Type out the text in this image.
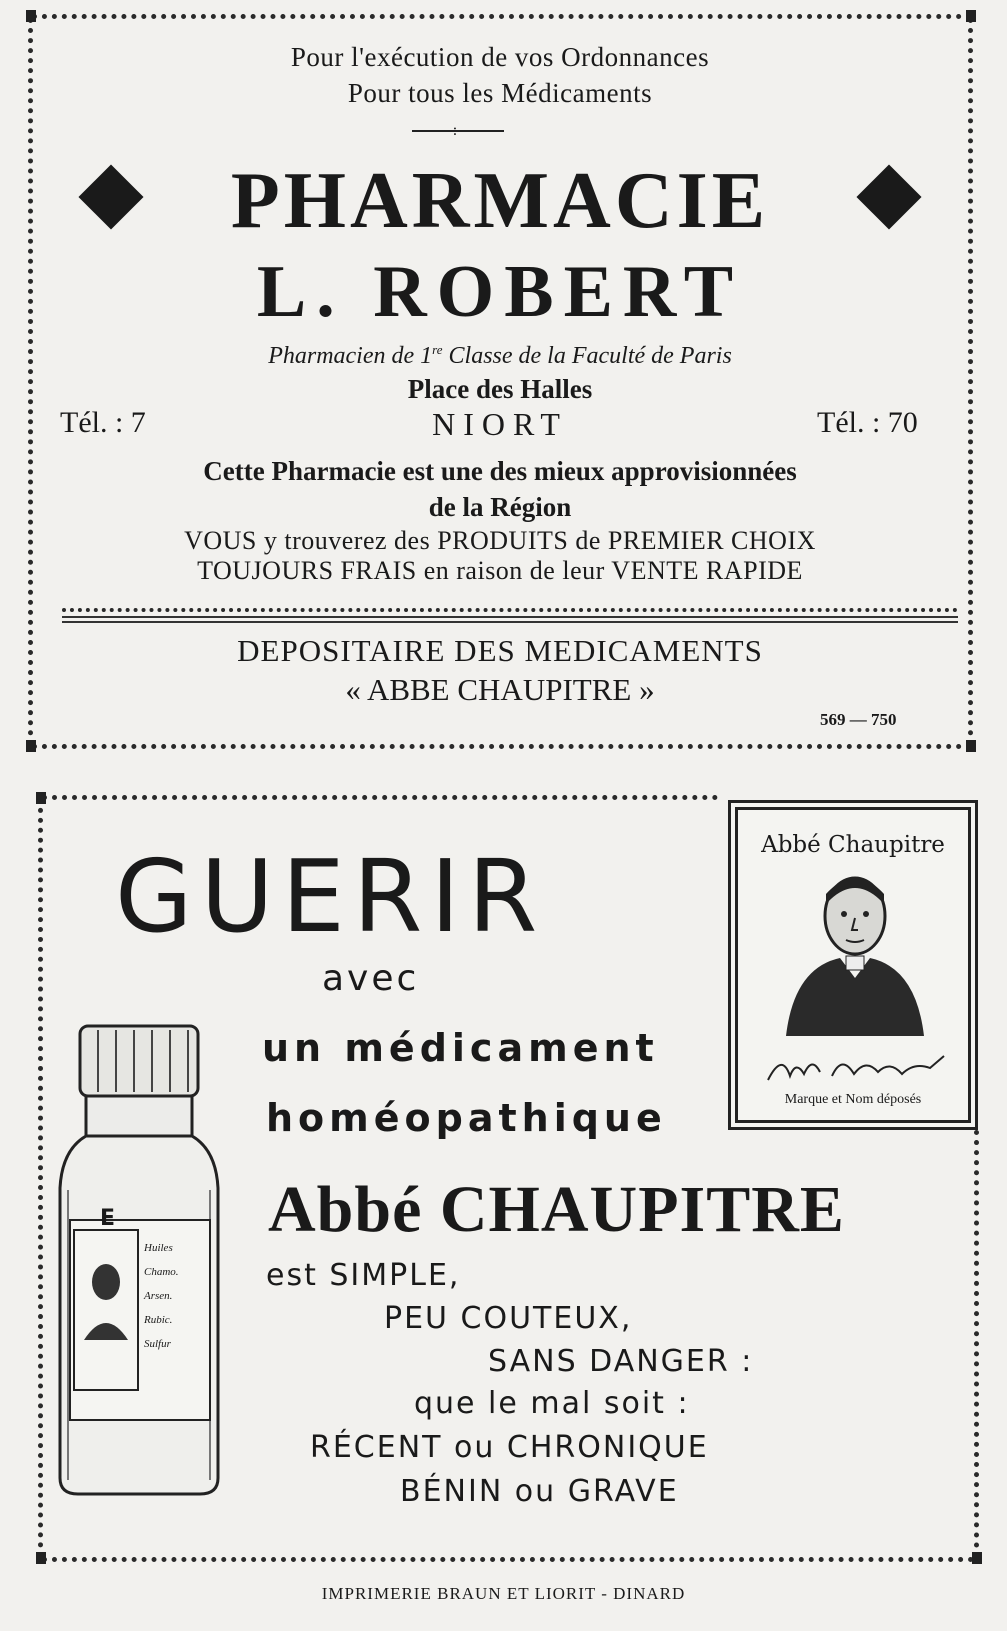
Pour l'exécution de vos Ordonnances
Pour tous les Médicaments
:
PHARMACIE
L. ROBERT
Pharmacien de 1re Classe de la Faculté de Paris
Place des Halles
Tél. : 7	NIORT	Tél. : 70
Cette Pharmacie est une des mieux approvisionnées
de la Région
VOUS y trouverez des PRODUITS de PREMIER CHOIX
TOUJOURS FRAIS en raison de leur VENTE RAPIDE
DEPOSITAIRE DES MEDICAMENTS
« ABBE CHAUPITRE »
569 — 750
GUERIR
avec
un médicament
homéopathique
Abbé CHAUPITRE
est SIMPLE,
PEU COUTEUX,
SANS DANGER :
que le mal soit :
RÉCENT ou CHRONIQUE
BÉNIN ou GRAVE
E
Huiles
Chamo.
Arsen.
Rubic.
Sulfur
Abbé Chaupitre
Marque et Nom déposés
IMPRIMERIE BRAUN ET LIORIT - DINARD
